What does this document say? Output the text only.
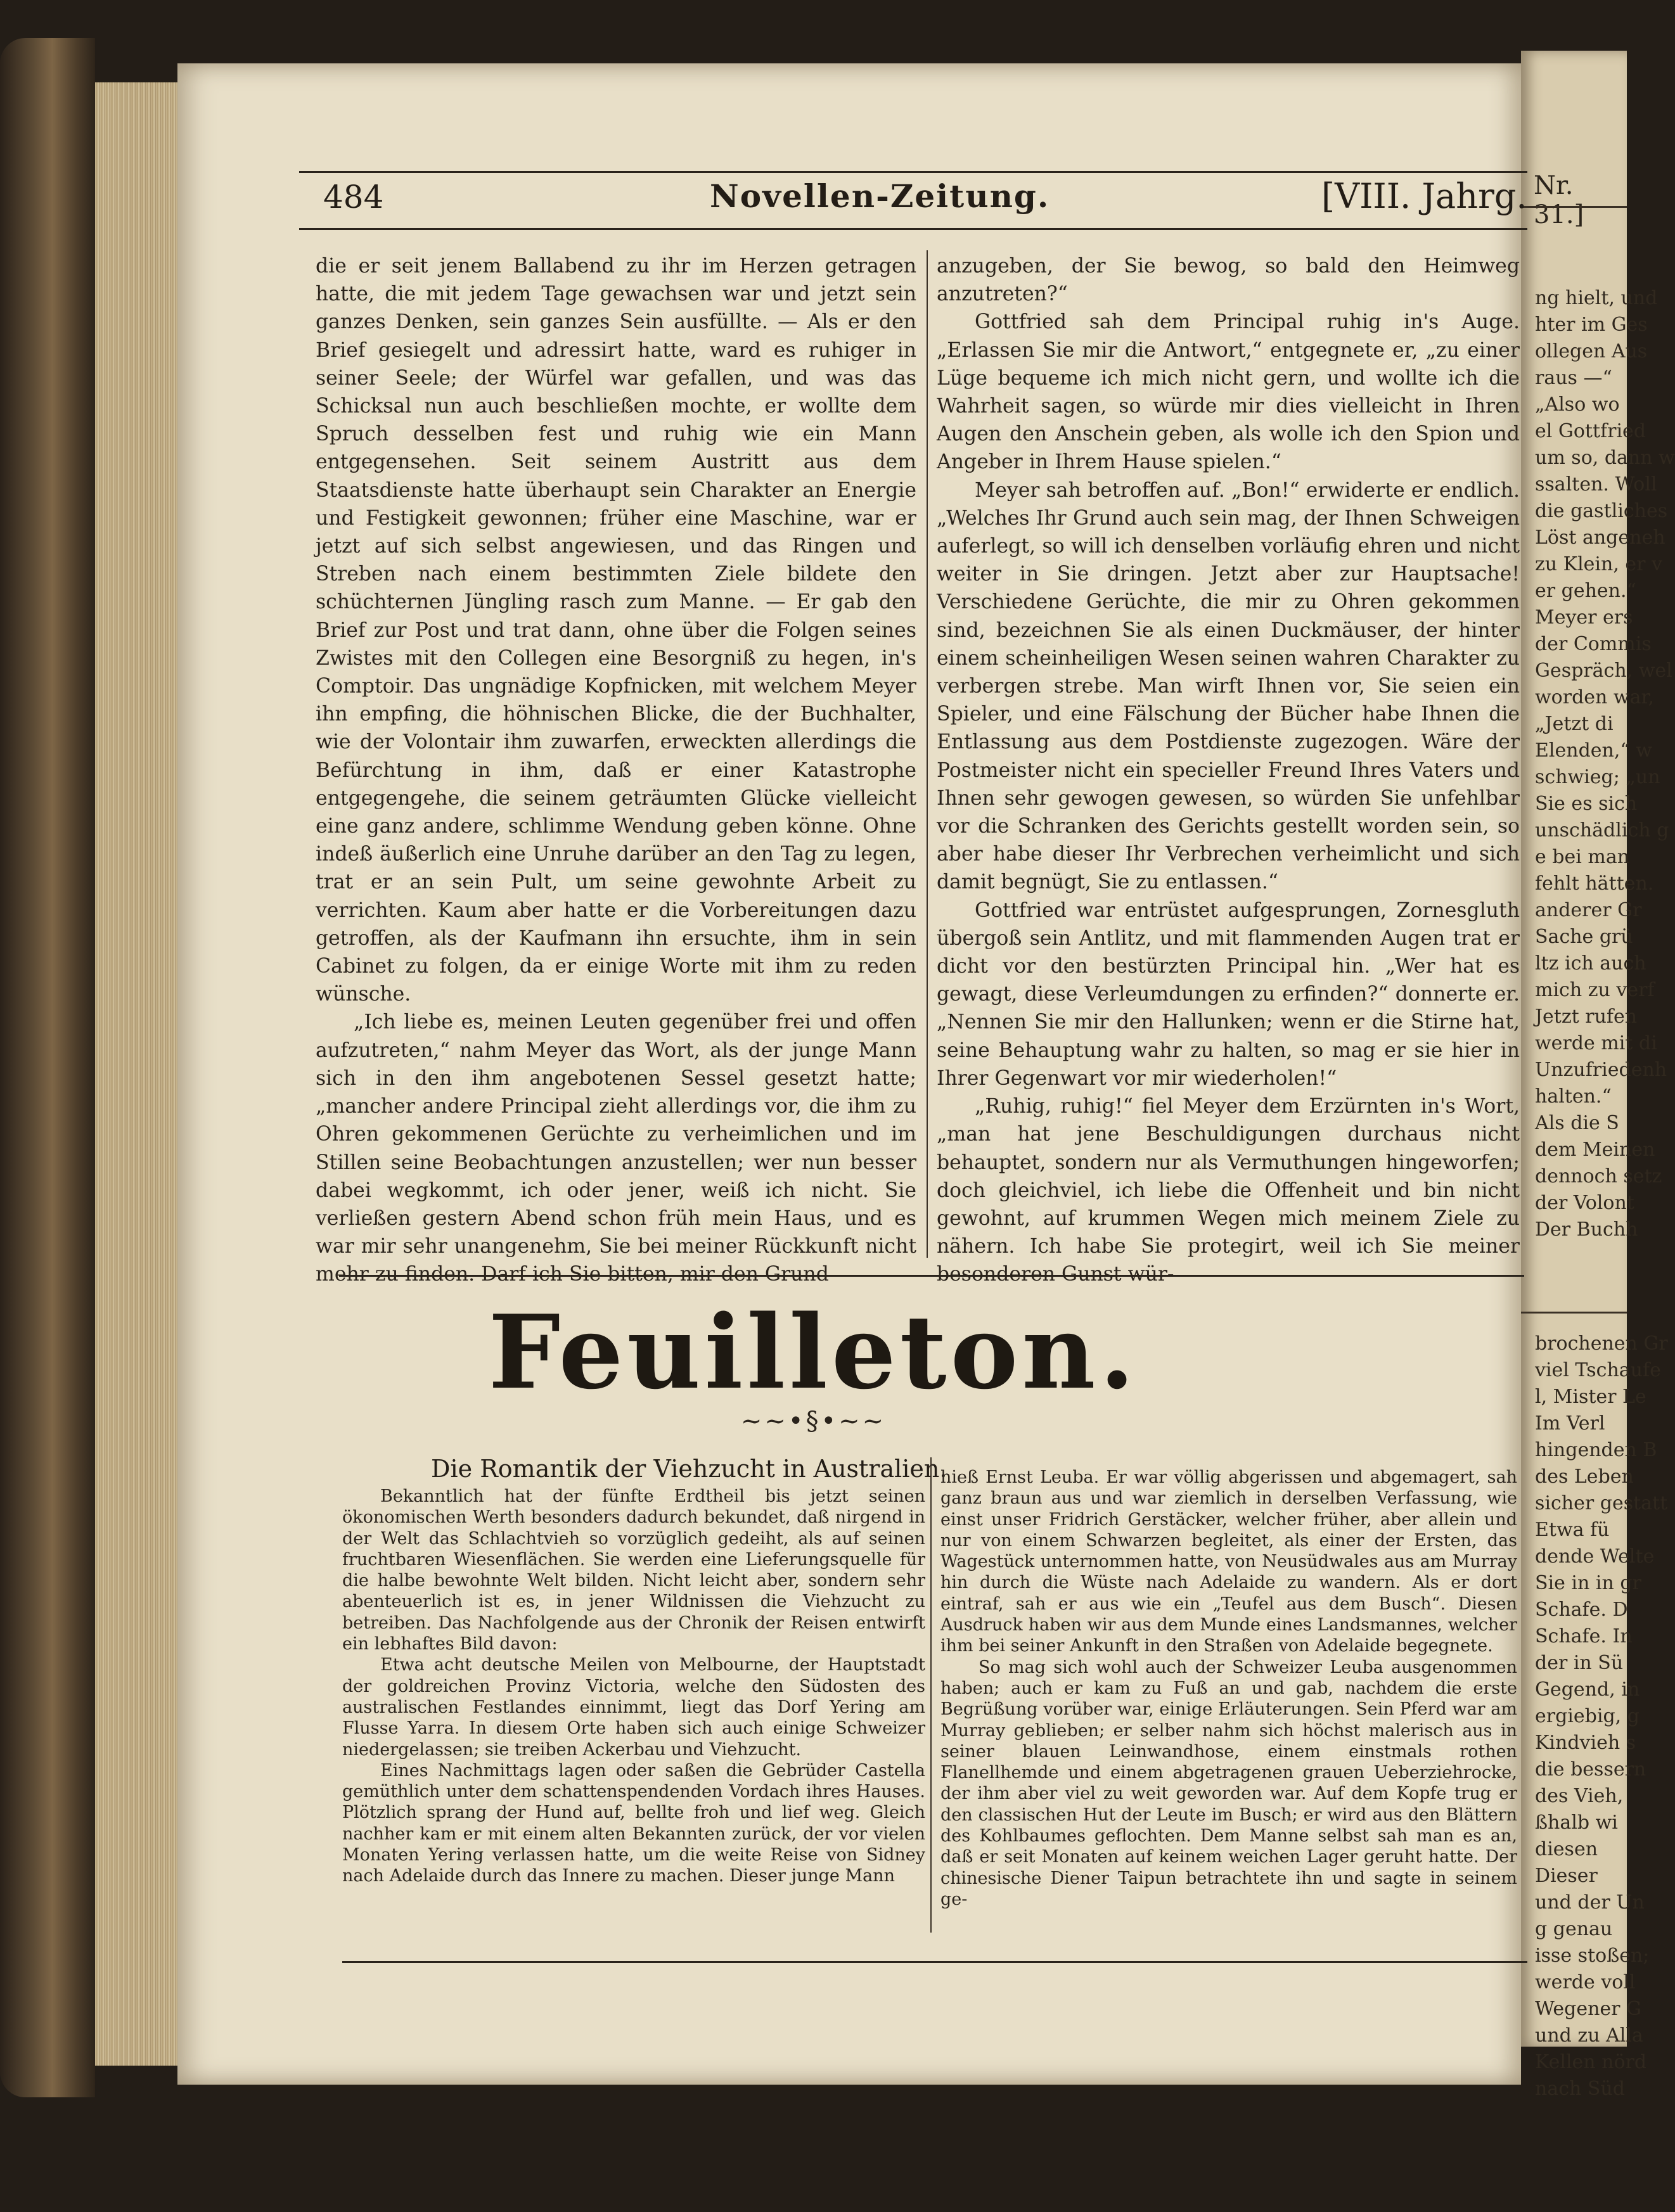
Nr. 31.]
ng hielt, und
hter im Ges
ollegen Aus
raus —“
„Also wo
el Gottfried
um so, dann w
ssalten. Woll
die gastliches
Löst angeneh
zu Klein, er v
er gehen.“
Meyer ers
der Commis
Gespräch, wel
worden war,
„Jetzt di
Elenden,“ w
schwieg; „un
Sie es sich
unschädlich g
e bei man
fehlt hätten.
anderer Gr
Sache grü
ltz ich auch
mich zu verf
Jetzt rufen
werde mit di
Unzufriedenh
halten.“
Als die S
dem Meinen
dennoch setz
der Volont
Der Buchh
brochenen Gr
viel Tschaufe
l, Mister Le
Im Verl
hingenden B
des Leben
sicher gestatt
Etwa fü
dende Welte
Sie in in gr
Schafe. D
Schafe. In
der in Sü
Gegend, in
ergiebig, g
Kindvieh s
die bessern
des Vieh,
ßhalb wi
diesen
Dieser
und der Un
g genau
isse stoßen;
werde voll
Wegener G
und zu Alla
Kellen nörd
nach Süd
484	Novellen-Zeitung.	[VIII. Jahrg.

die er seit jenem Ballabend zu ihr im Herzen getragen hatte, die mit jedem Tage gewachsen war und jetzt sein ganzes Denken, sein ganzes Sein ausfüllte. — Als er den Brief gesiegelt und adressirt hatte, ward es ruhiger in seiner Seele; der Würfel war gefallen, und was das Schicksal nun auch beschließen mochte, er wollte dem Spruch desselben fest und ruhig wie ein Mann entgegensehen. Seit seinem Austritt aus dem Staatsdienste hatte überhaupt sein Charakter an Energie und Festigkeit gewonnen; früher eine Maschine, war er jetzt auf sich selbst angewiesen, und das Ringen und Streben nach einem bestimmten Ziele bildete den schüchternen Jüngling rasch zum Manne. — Er gab den Brief zur Post und trat dann, ohne über die Folgen seines Zwistes mit den Collegen eine Besorgniß zu hegen, in's Comptoir. Das ungnädige Kopfnicken, mit welchem Meyer ihn empfing, die höhnischen Blicke, die der Buchhalter, wie der Volontair ihm zuwarfen, erweckten allerdings die Befürchtung in ihm, daß er einer Katastrophe entgegengehe, die seinem geträumten Glücke vielleicht eine ganz andere, schlimme Wendung geben könne. Ohne indeß äußerlich eine Unruhe darüber an den Tag zu legen, trat er an sein Pult, um seine gewohnte Arbeit zu verrichten. Kaum aber hatte er die Vorbereitungen dazu getroffen, als der Kaufmann ihn ersuchte, ihm in sein Cabinet zu folgen, da er einige Worte mit ihm zu reden wünsche.

„Ich liebe es, meinen Leuten gegenüber frei und offen aufzutreten,“ nahm Meyer das Wort, als der junge Mann sich in den ihm angebotenen Sessel gesetzt hatte; „mancher andere Principal zieht allerdings vor, die ihm zu Ohren gekommenen Gerüchte zu verheimlichen und im Stillen seine Beobachtungen anzustellen; wer nun besser dabei wegkommt, ich oder jener, weiß ich nicht. Sie verließen gestern Abend schon früh mein Haus, und es war mir sehr unangenehm, Sie bei meiner Rückkunft nicht mehr zu finden. Darf ich Sie bitten, mir den Grund

anzugeben, der Sie bewog, so bald den Heimweg anzutreten?“

Gottfried sah dem Principal ruhig in's Auge. „Erlassen Sie mir die Antwort,“ entgegnete er, „zu einer Lüge bequeme ich mich nicht gern, und wollte ich die Wahrheit sagen, so würde mir dies vielleicht in Ihren Augen den Anschein geben, als wolle ich den Spion und Angeber in Ihrem Hause spielen.“

Meyer sah betroffen auf. „Bon!“ erwiderte er endlich. „Welches Ihr Grund auch sein mag, der Ihnen Schweigen auferlegt, so will ich denselben vorläufig ehren und nicht weiter in Sie dringen. Jetzt aber zur Hauptsache! Verschiedene Gerüchte, die mir zu Ohren gekommen sind, bezeichnen Sie als einen Duckmäuser, der hinter einem scheinheiligen Wesen seinen wahren Charakter zu verbergen strebe. Man wirft Ihnen vor, Sie seien ein Spieler, und eine Fälschung der Bücher habe Ihnen die Entlassung aus dem Postdienste zugezogen. Wäre der Postmeister nicht ein specieller Freund Ihres Vaters und Ihnen sehr gewogen gewesen, so würden Sie unfehlbar vor die Schranken des Gerichts gestellt worden sein, so aber habe dieser Ihr Verbrechen verheimlicht und sich damit begnügt, Sie zu entlassen.“

Gottfried war entrüstet aufgesprungen, Zornesgluth übergoß sein Antlitz, und mit flammenden Augen trat er dicht vor den bestürzten Principal hin. „Wer hat es gewagt, diese Verleumdungen zu erfinden?“ donnerte er. „Nennen Sie mir den Hallunken; wenn er die Stirne hat, seine Behauptung wahr zu halten, so mag er sie hier in Ihrer Gegenwart vor mir wiederholen!“

„Ruhig, ruhig!“ fiel Meyer dem Erzürnten in's Wort, „man hat jene Beschuldigungen durchaus nicht behauptet, sondern nur als Vermuthungen hingeworfen; doch gleichviel, ich liebe die Offenheit und bin nicht gewohnt, auf krummen Wegen mich meinem Ziele zu nähern. Ich habe Sie protegirt, weil ich Sie meiner besonderen Gunst wür-

Feuilleton.
~~•§•~~
Die Romantik der Viehzucht in Australien.

Bekanntlich hat der fünfte Erdtheil bis jetzt seinen ökonomischen Werth besonders dadurch bekundet, daß nirgend in der Welt das Schlachtvieh so vorzüglich gedeiht, als auf seinen fruchtbaren Wiesenflächen. Sie werden eine Lieferungsquelle für die halbe bewohnte Welt bilden. Nicht leicht aber, sondern sehr abenteuerlich ist es, in jener Wildnissen die Viehzucht zu betreiben. Das Nachfolgende aus der Chronik der Reisen entwirft ein lebhaftes Bild davon:

Etwa acht deutsche Meilen von Melbourne, der Hauptstadt der goldreichen Provinz Victoria, welche den Südosten des australischen Festlandes einnimmt, liegt das Dorf Yering am Flusse Yarra. In diesem Orte haben sich auch einige Schweizer niedergelassen; sie treiben Ackerbau und Viehzucht.

Eines Nachmittags lagen oder saßen die Gebrüder Castella gemüthlich unter dem schattenspendenden Vordach ihres Hauses. Plötzlich sprang der Hund auf, bellte froh und lief weg. Gleich nachher kam er mit einem alten Bekannten zurück, der vor vielen Monaten Yering verlassen hatte, um die weite Reise von Sidney nach Adelaide durch das Innere zu machen. Dieser junge Mann

hieß Ernst Leuba. Er war völlig abgerissen und abgemagert, sah ganz braun aus und war ziemlich in derselben Verfassung, wie einst unser Fridrich Gerstäcker, welcher früher, aber allein und nur von einem Schwarzen begleitet, als einer der Ersten, das Wagestück unternommen hatte, von Neusüdwales aus am Murray hin durch die Wüste nach Adelaide zu wandern. Als er dort eintraf, sah er aus wie ein „Teufel aus dem Busch“. Diesen Ausdruck haben wir aus dem Munde eines Landsmannes, welcher ihm bei seiner Ankunft in den Straßen von Adelaide begegnete.

So mag sich wohl auch der Schweizer Leuba ausgenommen haben; auch er kam zu Fuß an und gab, nachdem die erste Begrüßung vorüber war, einige Erläuterungen. Sein Pferd war am Murray geblieben; er selber nahm sich höchst malerisch aus in seiner blauen Leinwandhose, einem einstmals rothen Flanellhemde und einem abgetragenen grauen Ueberziehrocke, der ihm aber viel zu weit geworden war. Auf dem Kopfe trug er den classischen Hut der Leute im Busch; er wird aus den Blättern des Kohlbaumes geflochten. Dem Manne selbst sah man es an, daß er seit Monaten auf keinem weichen Lager geruht hatte. Der chinesische Diener Taipun betrachtete ihn und sagte in seinem ge-
